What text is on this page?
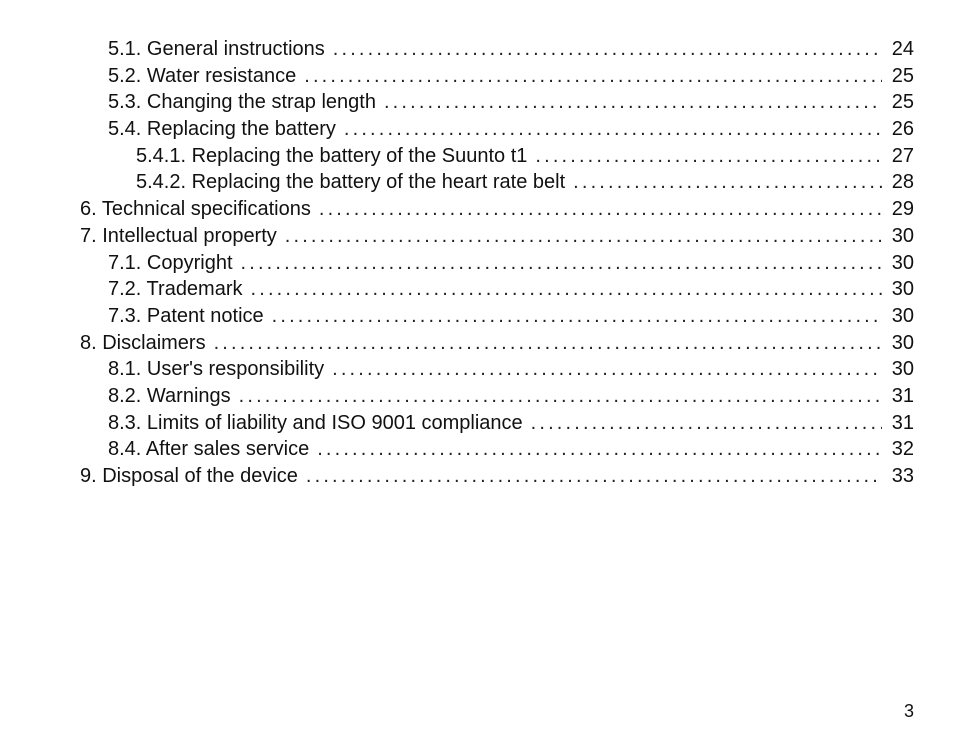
5.1. General instructions . . .	24
5.2. Water resistance . . .	25
5.3. Changing the strap length . . .	25
5.4. Replacing the battery . . .	26
5.4.1. Replacing the battery of the Suunto t1 . . .	27
5.4.2. Replacing the battery of the heart rate belt . . .	28
6. Technical specifications . . .	29
7. Intellectual property . . .	30
7.1. Copyright . . .	30
7.2. Trademark . . .	30
7.3. Patent notice . . .	30
8. Disclaimers . . .	30
8.1. User's responsibility . . .	30
8.2. Warnings . . .	31
8.3. Limits of liability and ISO 9001 compliance . . .	31
8.4. After sales service . . .	32
9. Disposal of the device . . .	33
3
